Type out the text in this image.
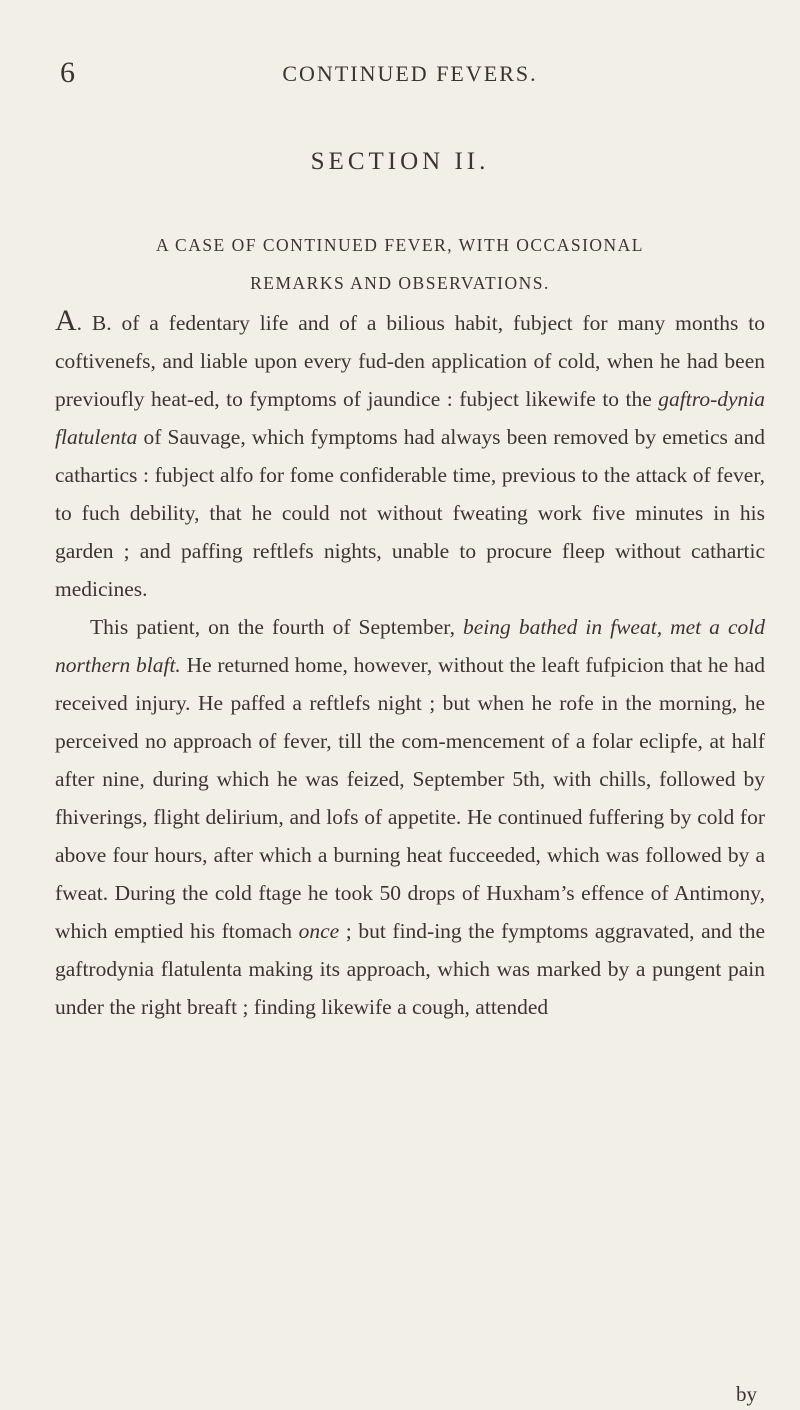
6	CONTINUED FEVERS.
SECTION II.
A CASE OF CONTINUED FEVER, WITH OCCASIONAL
REMARKS AND OBSERVATIONS.

A. B. of a fedentary life and of a bilious habit, fubject for many months to coftivenefs, and liable upon every fud-den application of cold, when he had been previoufly heat-ed, to fymptoms of jaundice : fubject likewife to the gaftro-dynia flatulenta of Sauvage, which fymptoms had always been removed by emetics and cathartics : fubject alfo for fome confiderable time, previous to the attack of fever, to fuch debility, that he could not without fweating work five minutes in his garden ; and paffing reftlefs nights, unable to procure fleep without cathartic medicines.

This patient, on the fourth of September, being bathed in fweat, met a cold northern blaft. He returned home, however, without the leaft fufpicion that he had received injury. He paffed a reftlefs night ; but when he rofe in the morning, he perceived no approach of fever, till the com-mencement of a folar eclipfe, at half after nine, during which he was feized, September 5th, with chills, followed by fhiverings, flight delirium, and lofs of appetite. He continued fuffering by cold for above four hours, after which a burning heat fucceeded, which was followed by a fweat. During the cold ftage he took 50 drops of Huxham’s effence of Antimony, which emptied his ftomach once ; but find-ing the fymptoms aggravated, and the gaftrodynia flatulenta making its approach, which was marked by a pungent pain under the right breaft ; finding likewife a cough, attended

by
